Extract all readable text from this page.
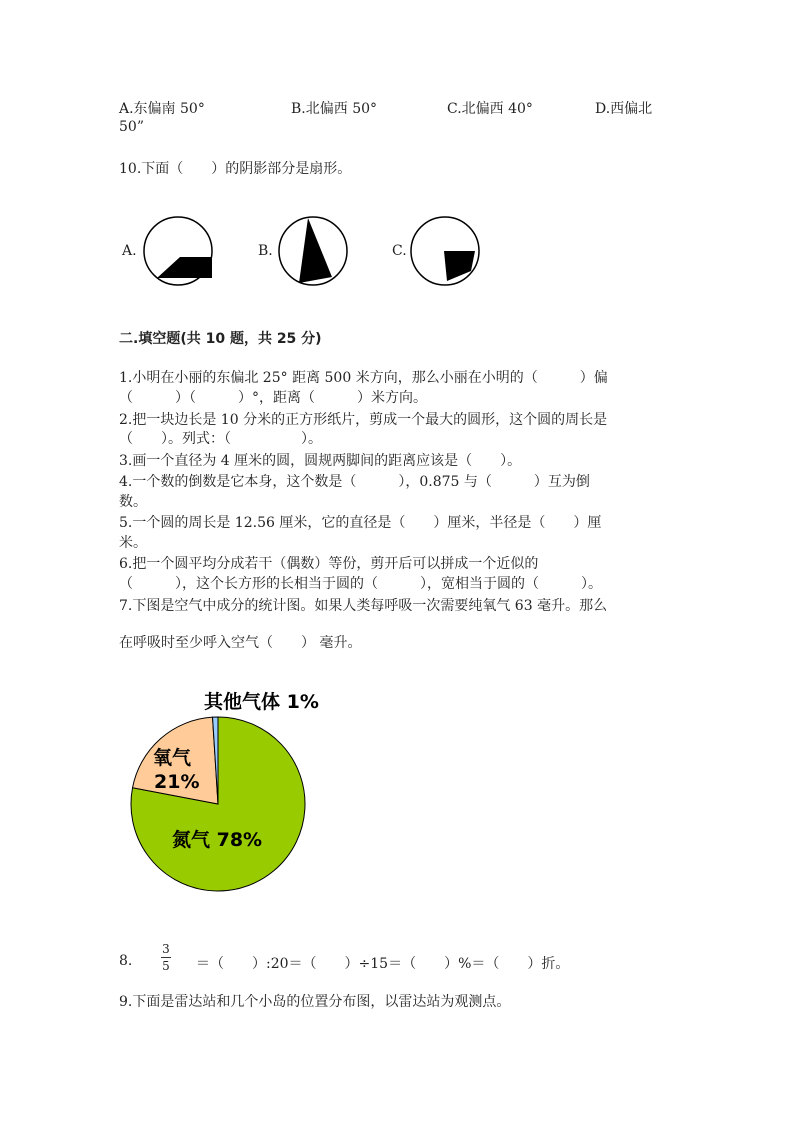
A.东偏南 50°	B.北偏西 50°	C.北偏西 40°	D.西偏北
50”
10.下面（　　）的阴影部分是扇形。
A.	B.	C.
二.填空题(共 10 题，共 25 分)
1.小明在小丽的东偏北 25° 距离 500 米方向，那么小丽在小明的（　　　）偏
（　　　）（　　　）°，距离（　　　）米方向。
2.把一块边长是 10 分米的正方形纸片，剪成一个最大的圆形，这个圆的周长是
（　　）。列式：（　　　　　）。
3.画一个直径为 4 厘米的圆，圆规两脚间的距离应该是（　　）。
4.一个数的倒数是它本身，这个数是（　　　），0.875 与（　　　）互为倒
数。
5.一个圆的周长是 12.56 厘米，它的直径是（　　）厘米，半径是（　　）厘
米。
6.把一个圆平均分成若干（偶数）等份，剪开后可以拼成一个近似的
（　　　），这个长方形的长相当于圆的（　　　），宽相当于圆的（　　　）。
7.下图是空气中成分的统计图。如果人类每呼吸一次需要纯氧气 63 毫升。那么
在呼吸时至少呼入空气（　　） 毫升。
氮气 78%
氧气
21%
其他气体 1%
8.
3
5 ＝（　　）:20＝（　　）÷15＝（　　）%＝（　　）折。
9.下面是雷达站和几个小岛的位置分布图，以雷达站为观测点。
